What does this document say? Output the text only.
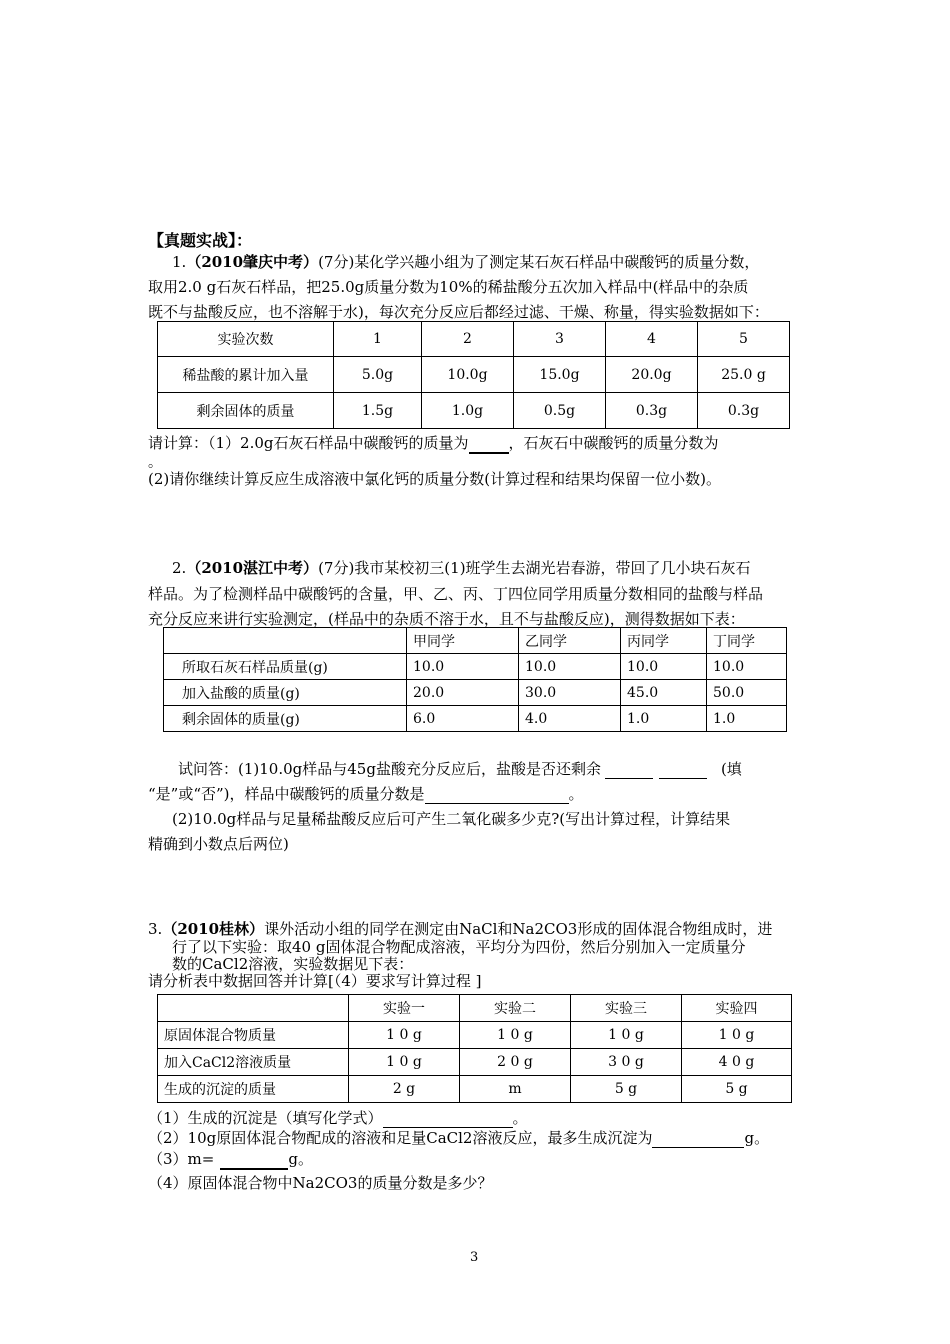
【真题实战】：
1.（2010肇庆中考）(7分)某化学兴趣小组为了测定某石灰石样品中碳酸钙的质量分数，
取用2.0 g石灰石样品，把25.0g质量分数为10%的稀盐酸分五次加入样品中(样品中的杂质
既不与盐酸反应，也不溶解于水)，每次充分反应后都经过滤、干燥、称量，得实验数据如下：
实验次数	1	2	3	4	5
稀盐酸的累计加入量	5.0g	10.0g	15.0g	20.0g	25.0 g
剩余固体的质量	1.5g	1.0g	0.5g	0.3g	0.3g
请计算：（1）2.0g石灰石样品中碳酸钙的质量为	，石灰石中碳酸钙的质量分数为
。
(2)请你继续计算反应生成溶液中氯化钙的质量分数(计算过程和结果均保留一位小数)。
2.（2010湛江中考）(7分)我市某校初三(1)班学生去湖光岩春游，带回了几小块石灰石
样品。为了检测样品中碳酸钙的含量，甲、乙、丙、丁四位同学用质量分数相同的盐酸与样品
充分反应来讲行实验测定，(样品中的杂质不溶于水，且不与盐酸反应)，测得数据如下表：
	甲同学	乙同学	丙同学	丁同学
所取石灰石样品质量(g)	10.0	10.0	10.0	10.0
加入盐酸的质量(g)	20.0	30.0	45.0	50.0
剩余固体的质量(g)	6.0	4.0	1.0	1.0
试问答：(1)10.0g样品与45g盐酸充分反应后，盐酸是否还剩余	(填
“是”或“否”)，样品中碳酸钙的质量分数是	。
(2)10.0g样品与足量稀盐酸反应后可产生二氧化碳多少克?(写出计算过程，计算结果
精确到小数点后两位)
3.（2010桂林）课外活动小组的同学在测定由NaCl和Na2CO3形成的固体混合物组成时，进
行了以下实验：取40 g固体混合物配成溶液，平均分为四份，然后分别加入一定质量分
数的CaCl2溶液，实验数据见下表：
请分析表中数据回答并计算[（4）要求写计算过程 ]
	实验一	实验二	实验三	实验四
原固体混合物质量	1 0 g	1 0 g	1 0 g	1 0 g
加入CaCl2溶液质量	1 0 g	2 0 g	3 0 g	4 0 g
生成的沉淀的质量	2 g	m	5 g	5 g
（1）生成的沉淀是（填写化学式）	。
（2）10g原固体混合物配成的溶液和足量CaCl2溶液反应，最多生成沉淀为	g。
（3）m=	g。
（4）原固体混合物中Na2CO3的质量分数是多少？
3
